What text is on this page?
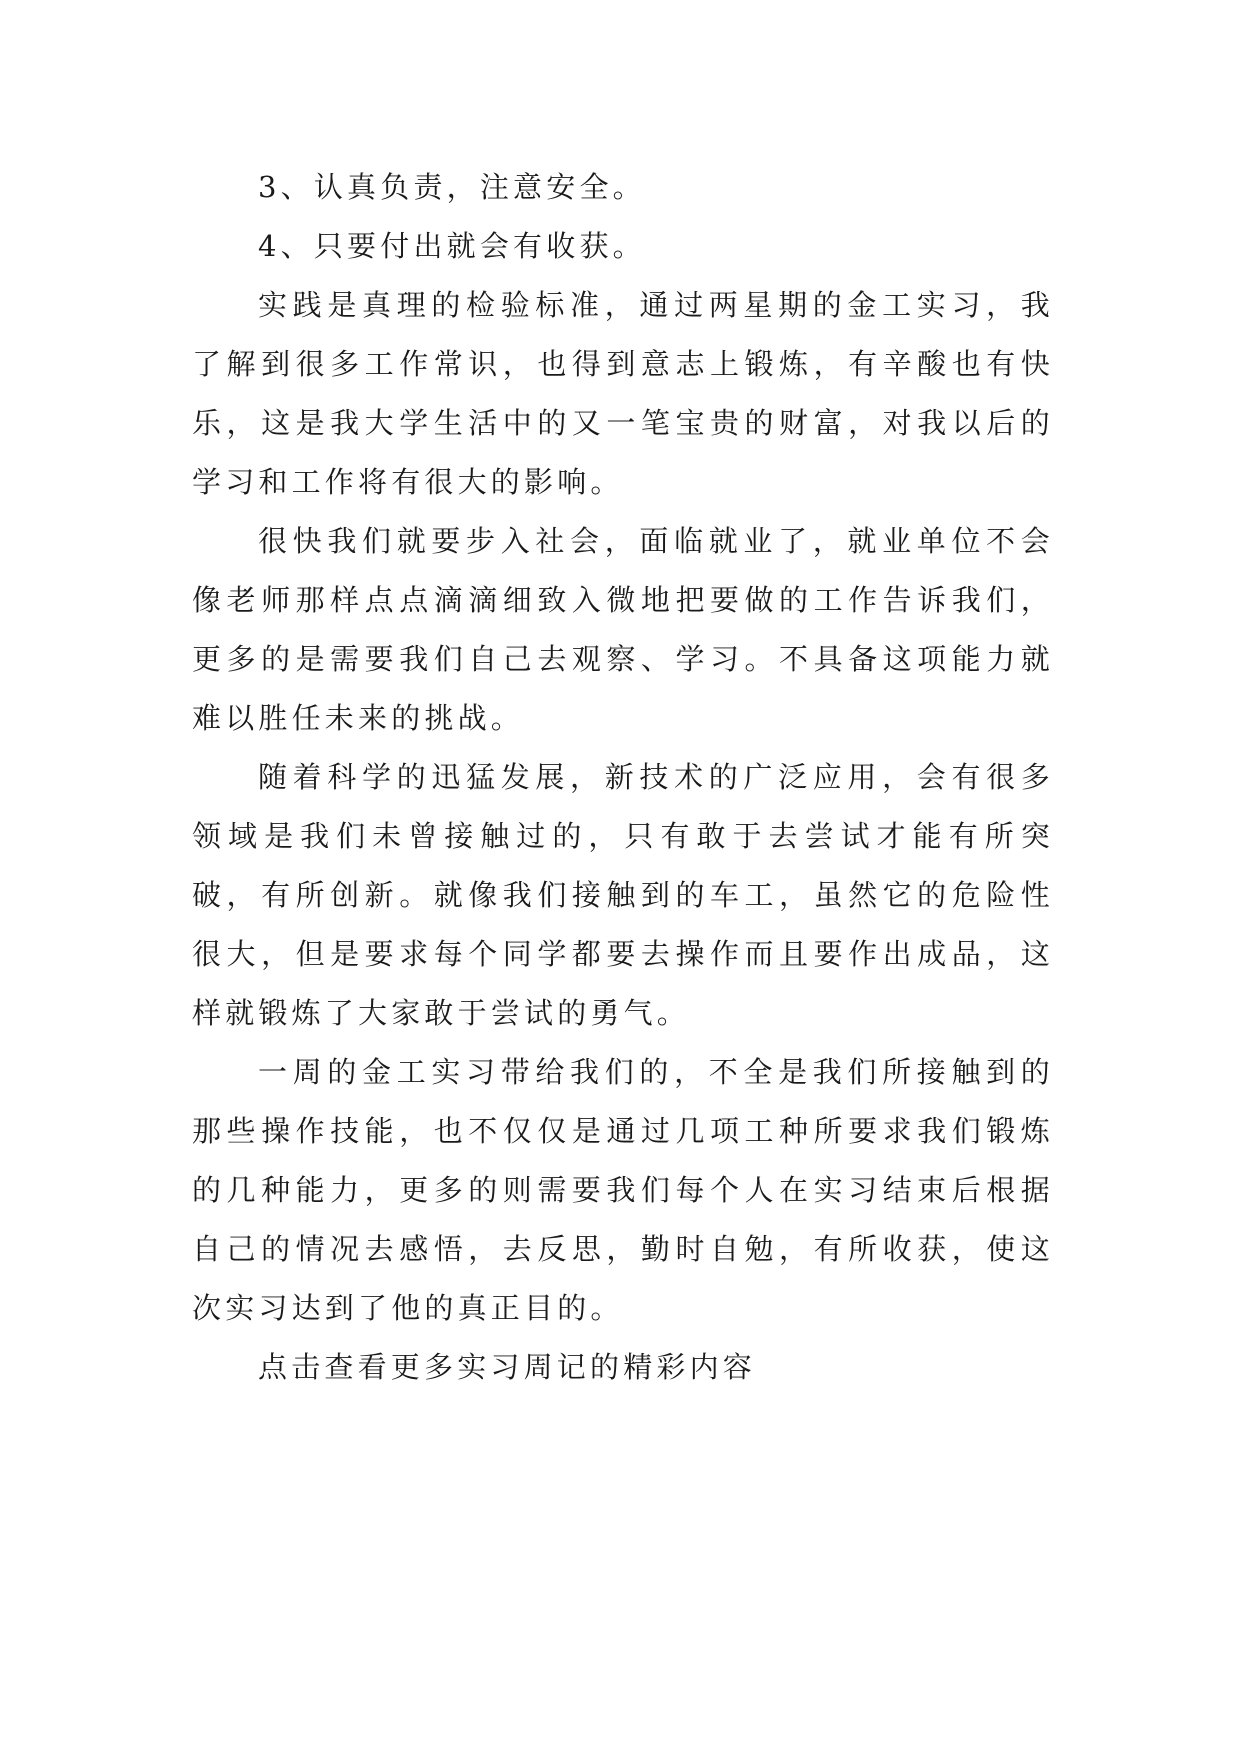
3、认真负责，注意安全。

4、只要付出就会有收获。

实践是真理的检验标准，通过两星期的金工实习，我了解到很多工作常识，也得到意志上锻炼，有辛酸也有快乐，这是我大学生活中的又一笔宝贵的财富，对我以后的学习和工作将有很大的影响。

很快我们就要步入社会，面临就业了，就业单位不会像老师那样点点滴滴细致入微地把要做的工作告诉我们，更多的是需要我们自己去观察、学习。不具备这项能力就难以胜任未来的挑战。

随着科学的迅猛发展，新技术的广泛应用，会有很多领域是我们未曾接触过的，只有敢于去尝试才能有所突破，有所创新。就像我们接触到的车工，虽然它的危险性很大，但是要求每个同学都要去操作而且要作出成品，这样就锻炼了大家敢于尝试的勇气。

一周的金工实习带给我们的，不全是我们所接触到的那些操作技能，也不仅仅是通过几项工种所要求我们锻炼的几种能力，更多的则需要我们每个人在实习结束后根据自己的情况去感悟，去反思，勤时自勉，有所收获，使这次实习达到了他的真正目的。

点击查看更多实习周记的精彩内容
